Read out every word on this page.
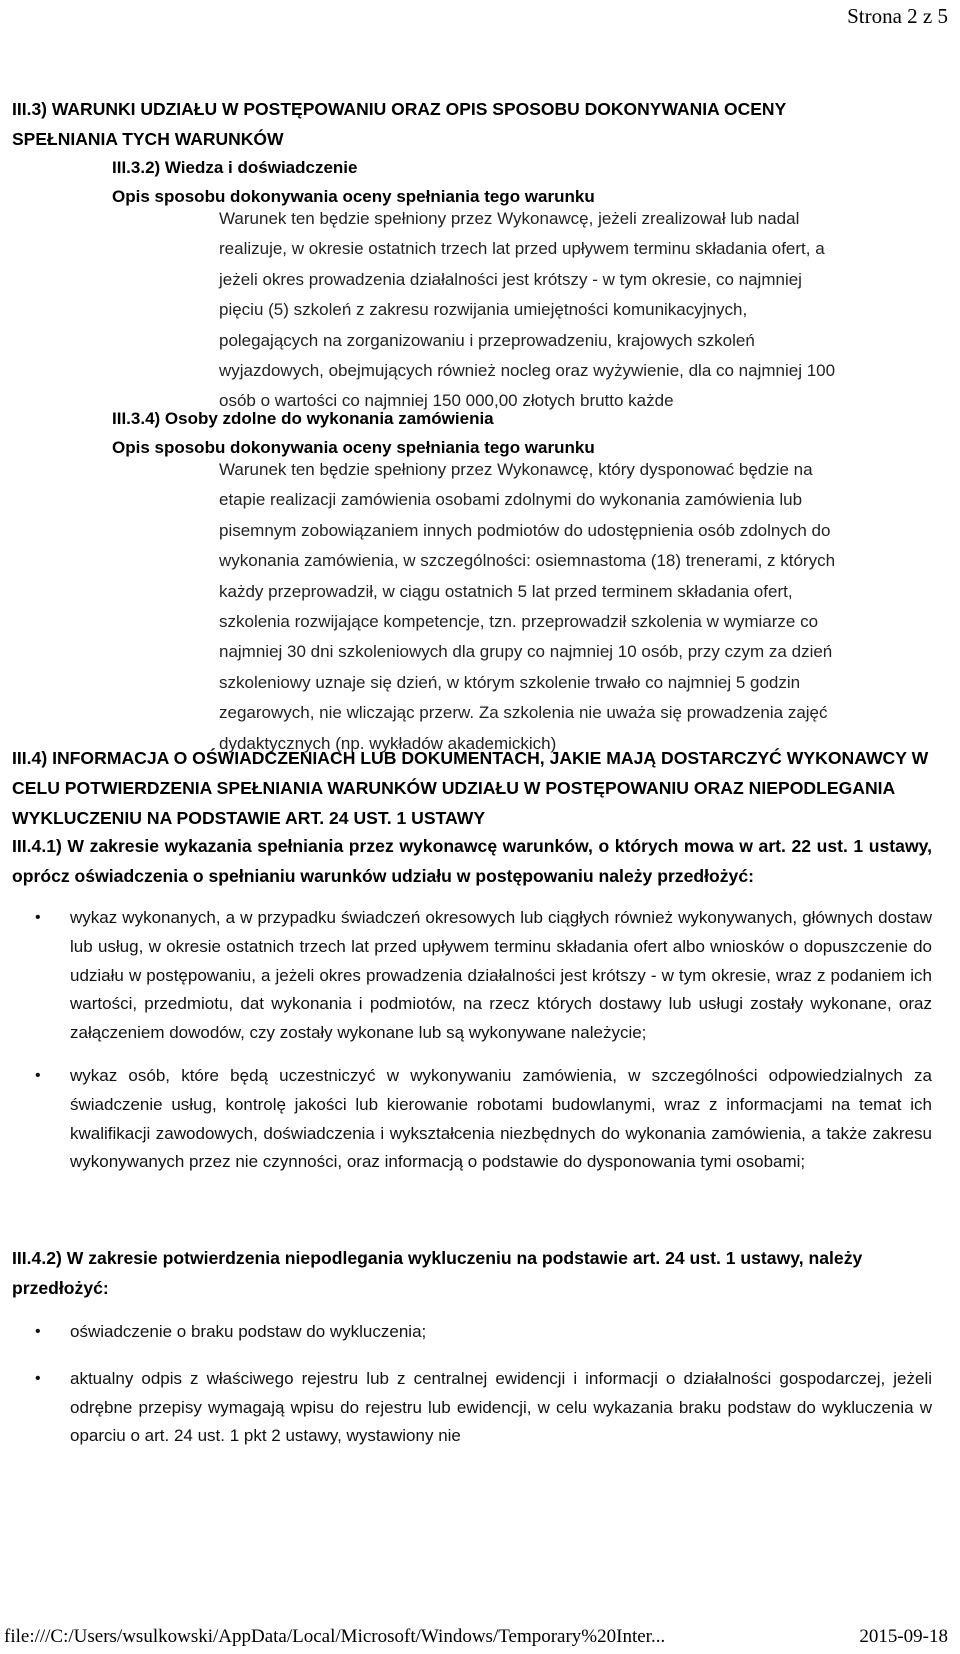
Strona 2 z 5
III.3) WARUNKI UDZIAŁU W POSTĘPOWANIU ORAZ OPIS SPOSOBU DOKONYWANIA OCENY
SPEŁNIANIA TYCH WARUNKÓW
III.3.2) Wiedza i doświadczenie
Opis sposobu dokonywania oceny spełniania tego warunku
Warunek ten będzie spełniony przez Wykonawcę, jeżeli zrealizował lub nadal
realizuje, w okresie ostatnich trzech lat przed upływem terminu składania ofert, a
jeżeli okres prowadzenia działalności jest krótszy - w tym okresie, co najmniej
pięciu (5) szkoleń z zakresu rozwijania umiejętności komunikacyjnych,
polegających na zorganizowaniu i przeprowadzeniu, krajowych szkoleń
wyjazdowych, obejmujących również nocleg oraz wyżywienie, dla co najmniej 100
osób o wartości co najmniej 150 000,00 złotych brutto każde
III.3.4) Osoby zdolne do wykonania zamówienia
Opis sposobu dokonywania oceny spełniania tego warunku
Warunek ten będzie spełniony przez Wykonawcę, który dysponować będzie na
etapie realizacji zamówienia osobami zdolnymi do wykonania zamówienia lub
pisemnym zobowiązaniem innych podmiotów do udostępnienia osób zdolnych do
wykonania zamówienia, w szczególności: osiemnastoma (18) trenerami, z których
każdy przeprowadził, w ciągu ostatnich 5 lat przed terminem składania ofert,
szkolenia rozwijające kompetencje, tzn. przeprowadził szkolenia w wymiarze co
najmniej 30 dni szkoleniowych dla grupy co najmniej 10 osób, przy czym za dzień
szkoleniowy uznaje się dzień, w którym szkolenie trwało co najmniej 5 godzin
zegarowych, nie wliczając przerw. Za szkolenia nie uważa się prowadzenia zajęć
dydaktycznych (np. wykładów akademickich)
III.4) INFORMACJA O OŚWIADCZENIACH LUB DOKUMENTACH, JAKIE MAJĄ DOSTARCZYĆ WYKONAWCY W CELU POTWIERDZENIA SPEŁNIANIA WARUNKÓW UDZIAŁU W POSTĘPOWANIU ORAZ NIEPODLEGANIA WYKLUCZENIU NA PODSTAWIE ART. 24 UST. 1 USTAWY
III.4.1) W zakresie wykazania spełniania przez wykonawcę warunków, o których mowa w art. 22 ust. 1 ustawy, oprócz oświadczenia o spełnianiu warunków udziału w postępowaniu należy przedłożyć:
• wykaz wykonanych, a w przypadku świadczeń okresowych lub ciągłych również wykonywanych, głównych dostaw lub usług, w okresie ostatnich trzech lat przed upływem terminu składania ofert albo wniosków o dopuszczenie do udziału w postępowaniu, a jeżeli okres prowadzenia działalności jest krótszy - w tym okresie, wraz z podaniem ich wartości, przedmiotu, dat wykonania i podmiotów, na rzecz których dostawy lub usługi zostały wykonane, oraz załączeniem dowodów, czy zostały wykonane lub są wykonywane należycie;
• wykaz osób, które będą uczestniczyć w wykonywaniu zamówienia, w szczególności odpowiedzialnych za świadczenie usług, kontrolę jakości lub kierowanie robotami budowlanymi, wraz z informacjami na temat ich kwalifikacji zawodowych, doświadczenia i wykształcenia niezbędnych do wykonania zamówienia, a także zakresu wykonywanych przez nie czynności, oraz informacją o podstawie do dysponowania tymi osobami;
III.4.2) W zakresie potwierdzenia niepodlegania wykluczeniu na podstawie art. 24 ust. 1 ustawy, należy przedłożyć:
• oświadczenie o braku podstaw do wykluczenia;
• aktualny odpis z właściwego rejestru lub z centralnej ewidencji i informacji o działalności gospodarczej, jeżeli odrębne przepisy wymagają wpisu do rejestru lub ewidencji, w celu wykazania braku podstaw do wykluczenia w oparciu o art. 24 ust. 1 pkt 2 ustawy, wystawiony nie
file:///C:/Users/wsulkowski/AppData/Local/Microsoft/Windows/Temporary%20Inter...	2015-09-18
